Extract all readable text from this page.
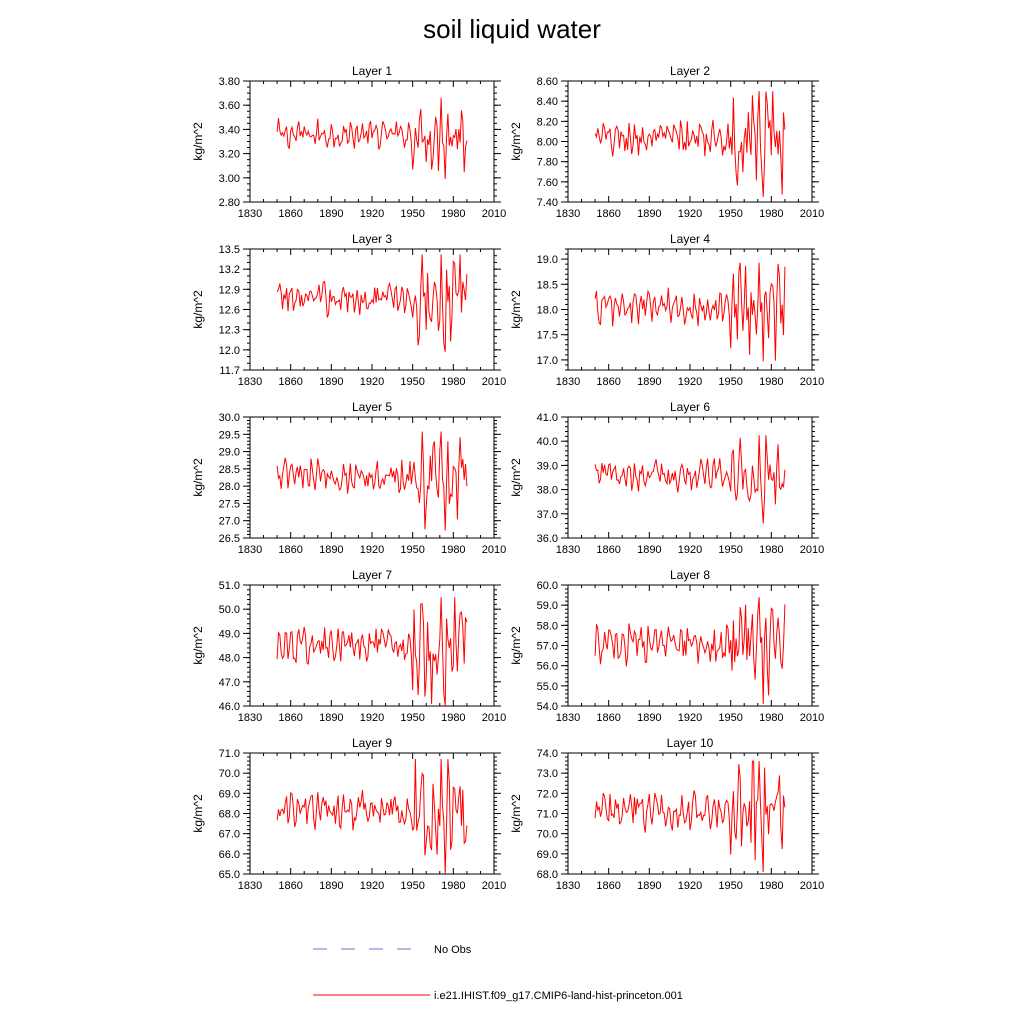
soil liquid water
Layer 1
kg/m^2
1830 1860 1890 1920 1950 1980 2010
2.80
3.00
3.20
3.40
3.60
3.80
Layer 2
kg/m^2
1830 1860 1890 1920 1950 1980 2010
7.40
7.60
7.80
8.00
8.20
8.40
8.60
Layer 3
kg/m^2
1830 1860 1890 1920 1950 1980 2010
11.7
12.0
12.3
12.6
12.9
13.2
13.5
Layer 4
kg/m^2
1830 1860 1890 1920 1950 1980 2010
17.0
17.5
18.0
18.5
19.0
Layer 5
kg/m^2
1830 1860 1890 1920 1950 1980 2010
26.5
27.0
27.5
28.0
28.5
29.0
29.5
30.0
Layer 6
kg/m^2
1830 1860 1890 1920 1950 1980 2010
36.0
37.0
38.0
39.0
40.0
41.0
Layer 7
kg/m^2
1830 1860 1890 1920 1950 1980 2010
46.0
47.0
48.0
49.0
50.0
51.0
Layer 8
kg/m^2
1830 1860 1890 1920 1950 1980 2010
54.0
55.0
56.0
57.0
58.0
59.0
60.0
Layer 9
kg/m^2
1830 1860 1890 1920 1950 1980 2010
65.0
66.0
67.0
68.0
69.0
70.0
71.0
Layer 10
kg/m^2
1830 1860 1890 1920 1950 1980 2010
68.0
69.0
70.0
71.0
72.0
73.0
74.0
No Obs
i.e21.IHIST.f09_g17.CMIP6-land-hist-princeton.001
